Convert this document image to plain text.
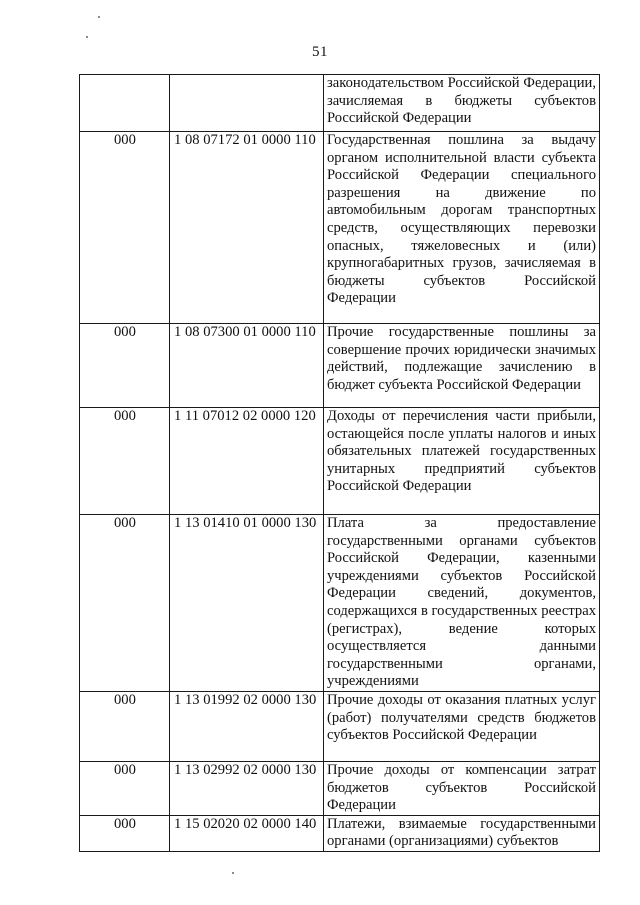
51
		законодательством Российской Федерации, зачисляемая в бюджеты субъектов Российской Федерации
000	1 08 07172 01 0000 110	Государственная пошлина за выдачу органом исполнительной власти субъекта Российской Федерации специального разрешения на движение по автомобильным дорогам транспортных средств, осуществляющих перевозки опасных, тяжеловесных и (или) крупногабаритных грузов, зачисляемая в бюджеты субъектов Российской Федерации
000	1 08 07300 01 0000 110	Прочие государственные пошлины за совершение прочих юридически значимых действий, подлежащие зачислению в бюджет субъекта Российской Федерации
000	1 11 07012 02 0000 120	Доходы от перечисления части прибыли, остающейся после уплаты налогов и иных обязательных платежей государственных унитарных предприятий субъектов Российской Федерации
000	1 13 01410 01 0000 130	Плата за предоставление государственными органами субъектов Российской Федерации, казенными учреждениями субъектов Российской Федерации сведений, документов, содержащихся в государственных реестрах (регистрах), ведение которых осуществляется данными государственными органами, учреждениями
000	1 13 01992 02 0000 130	Прочие доходы от оказания платных услуг (работ) получателями средств бюджетов субъектов Российской Федерации
000	1 13 02992 02 0000 130	Прочие доходы от компенсации затрат бюджетов субъектов Российской Федерации
000	1 15 02020 02 0000 140	Платежи, взимаемые государственными органами (организациями) субъектов
